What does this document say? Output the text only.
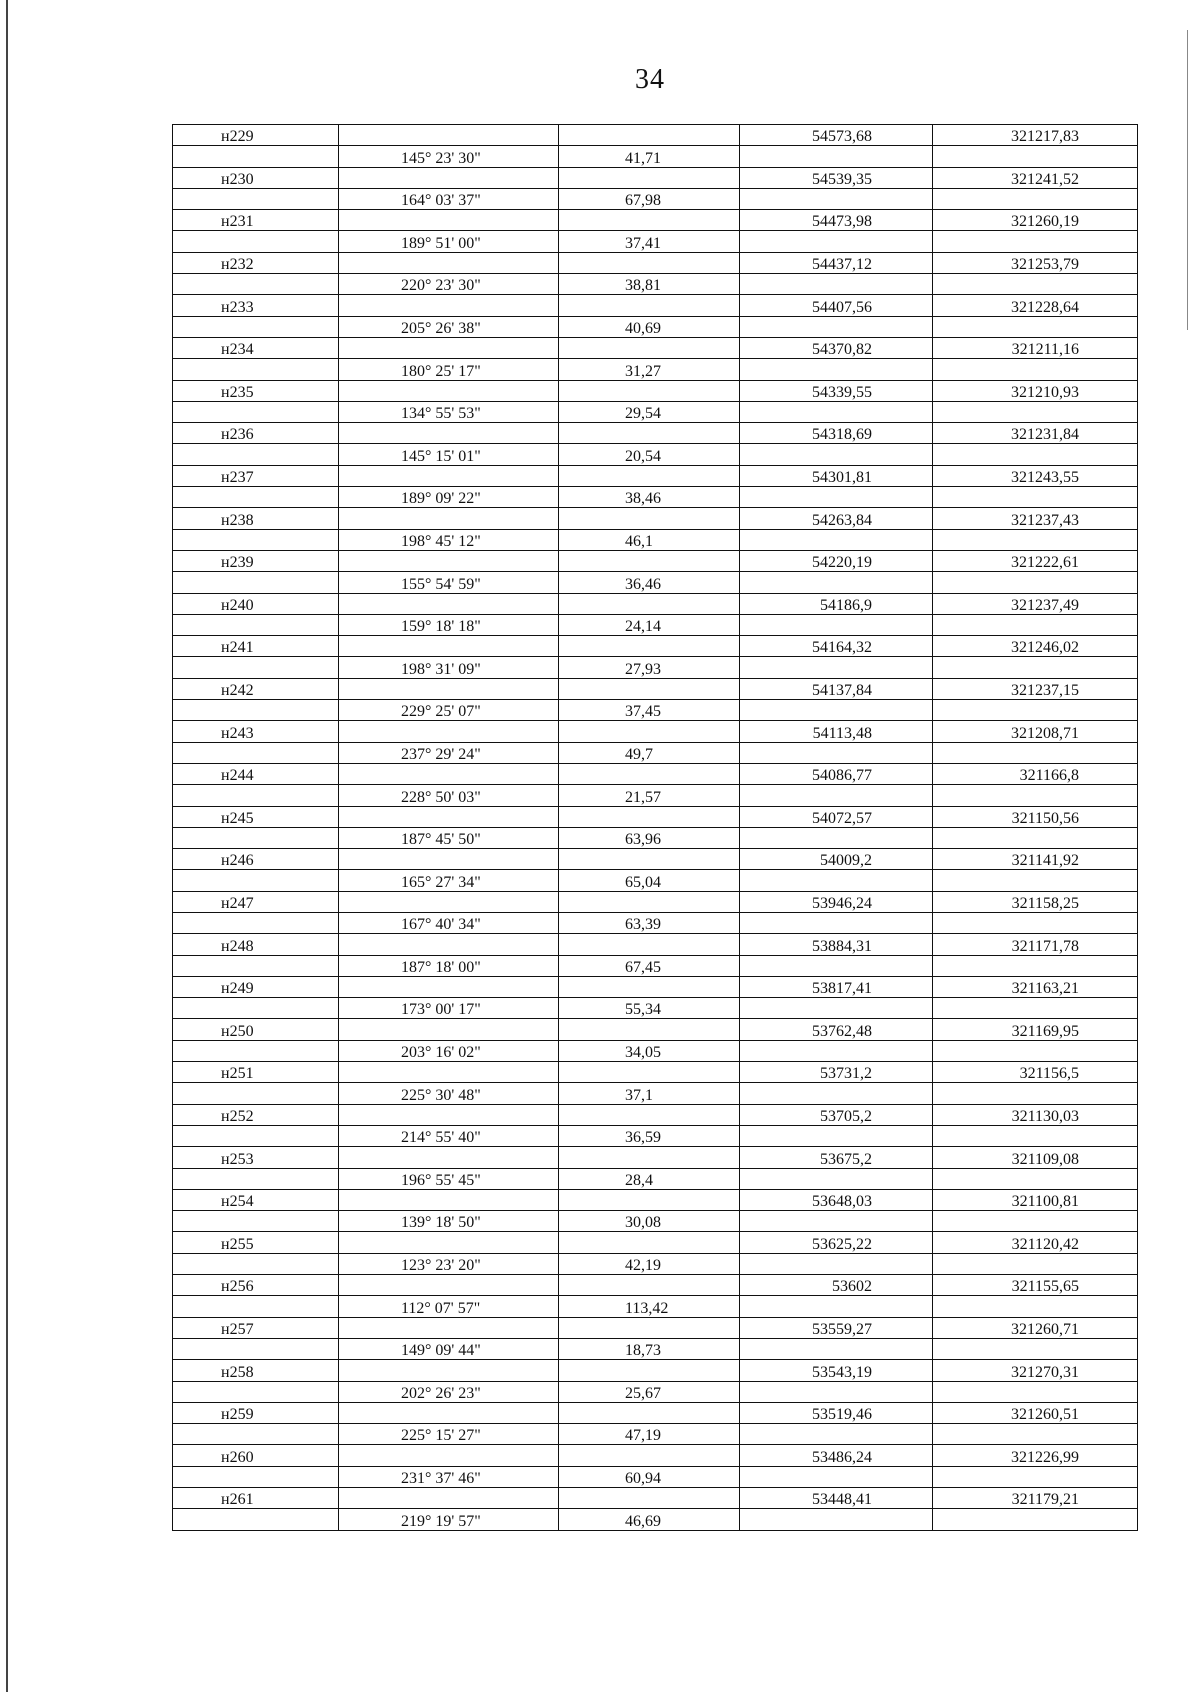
34
н229			54573,68	321217,83
	145° 23' 30"	41,71		
н230			54539,35	321241,52
	164° 03' 37"	67,98		
н231			54473,98	321260,19
	189° 51' 00"	37,41		
н232			54437,12	321253,79
	220° 23' 30"	38,81		
н233			54407,56	321228,64
	205° 26' 38"	40,69		
н234			54370,82	321211,16
	180° 25' 17"	31,27		
н235			54339,55	321210,93
	134° 55' 53"	29,54		
н236			54318,69	321231,84
	145° 15' 01"	20,54		
н237			54301,81	321243,55
	189° 09' 22"	38,46		
н238			54263,84	321237,43
	198° 45' 12"	46,1		
н239			54220,19	321222,61
	155° 54' 59"	36,46		
н240			54186,9	321237,49
	159° 18' 18"	24,14		
н241			54164,32	321246,02
	198° 31' 09"	27,93		
н242			54137,84	321237,15
	229° 25' 07"	37,45		
н243			54113,48	321208,71
	237° 29' 24"	49,7		
н244			54086,77	321166,8
	228° 50' 03"	21,57		
н245			54072,57	321150,56
	187° 45' 50"	63,96		
н246			54009,2	321141,92
	165° 27' 34"	65,04		
н247			53946,24	321158,25
	167° 40' 34"	63,39		
н248			53884,31	321171,78
	187° 18' 00"	67,45		
н249			53817,41	321163,21
	173° 00' 17"	55,34		
н250			53762,48	321169,95
	203° 16' 02"	34,05		
н251			53731,2	321156,5
	225° 30' 48"	37,1		
н252			53705,2	321130,03
	214° 55' 40"	36,59		
н253			53675,2	321109,08
	196° 55' 45"	28,4		
н254			53648,03	321100,81
	139° 18' 50"	30,08		
н255			53625,22	321120,42
	123° 23' 20"	42,19		
н256			53602	321155,65
	112° 07' 57"	113,42		
н257			53559,27	321260,71
	149° 09' 44"	18,73		
н258			53543,19	321270,31
	202° 26' 23"	25,67		
н259			53519,46	321260,51
	225° 15' 27"	47,19		
н260			53486,24	321226,99
	231° 37' 46"	60,94		
н261			53448,41	321179,21
	219° 19' 57"	46,69		
